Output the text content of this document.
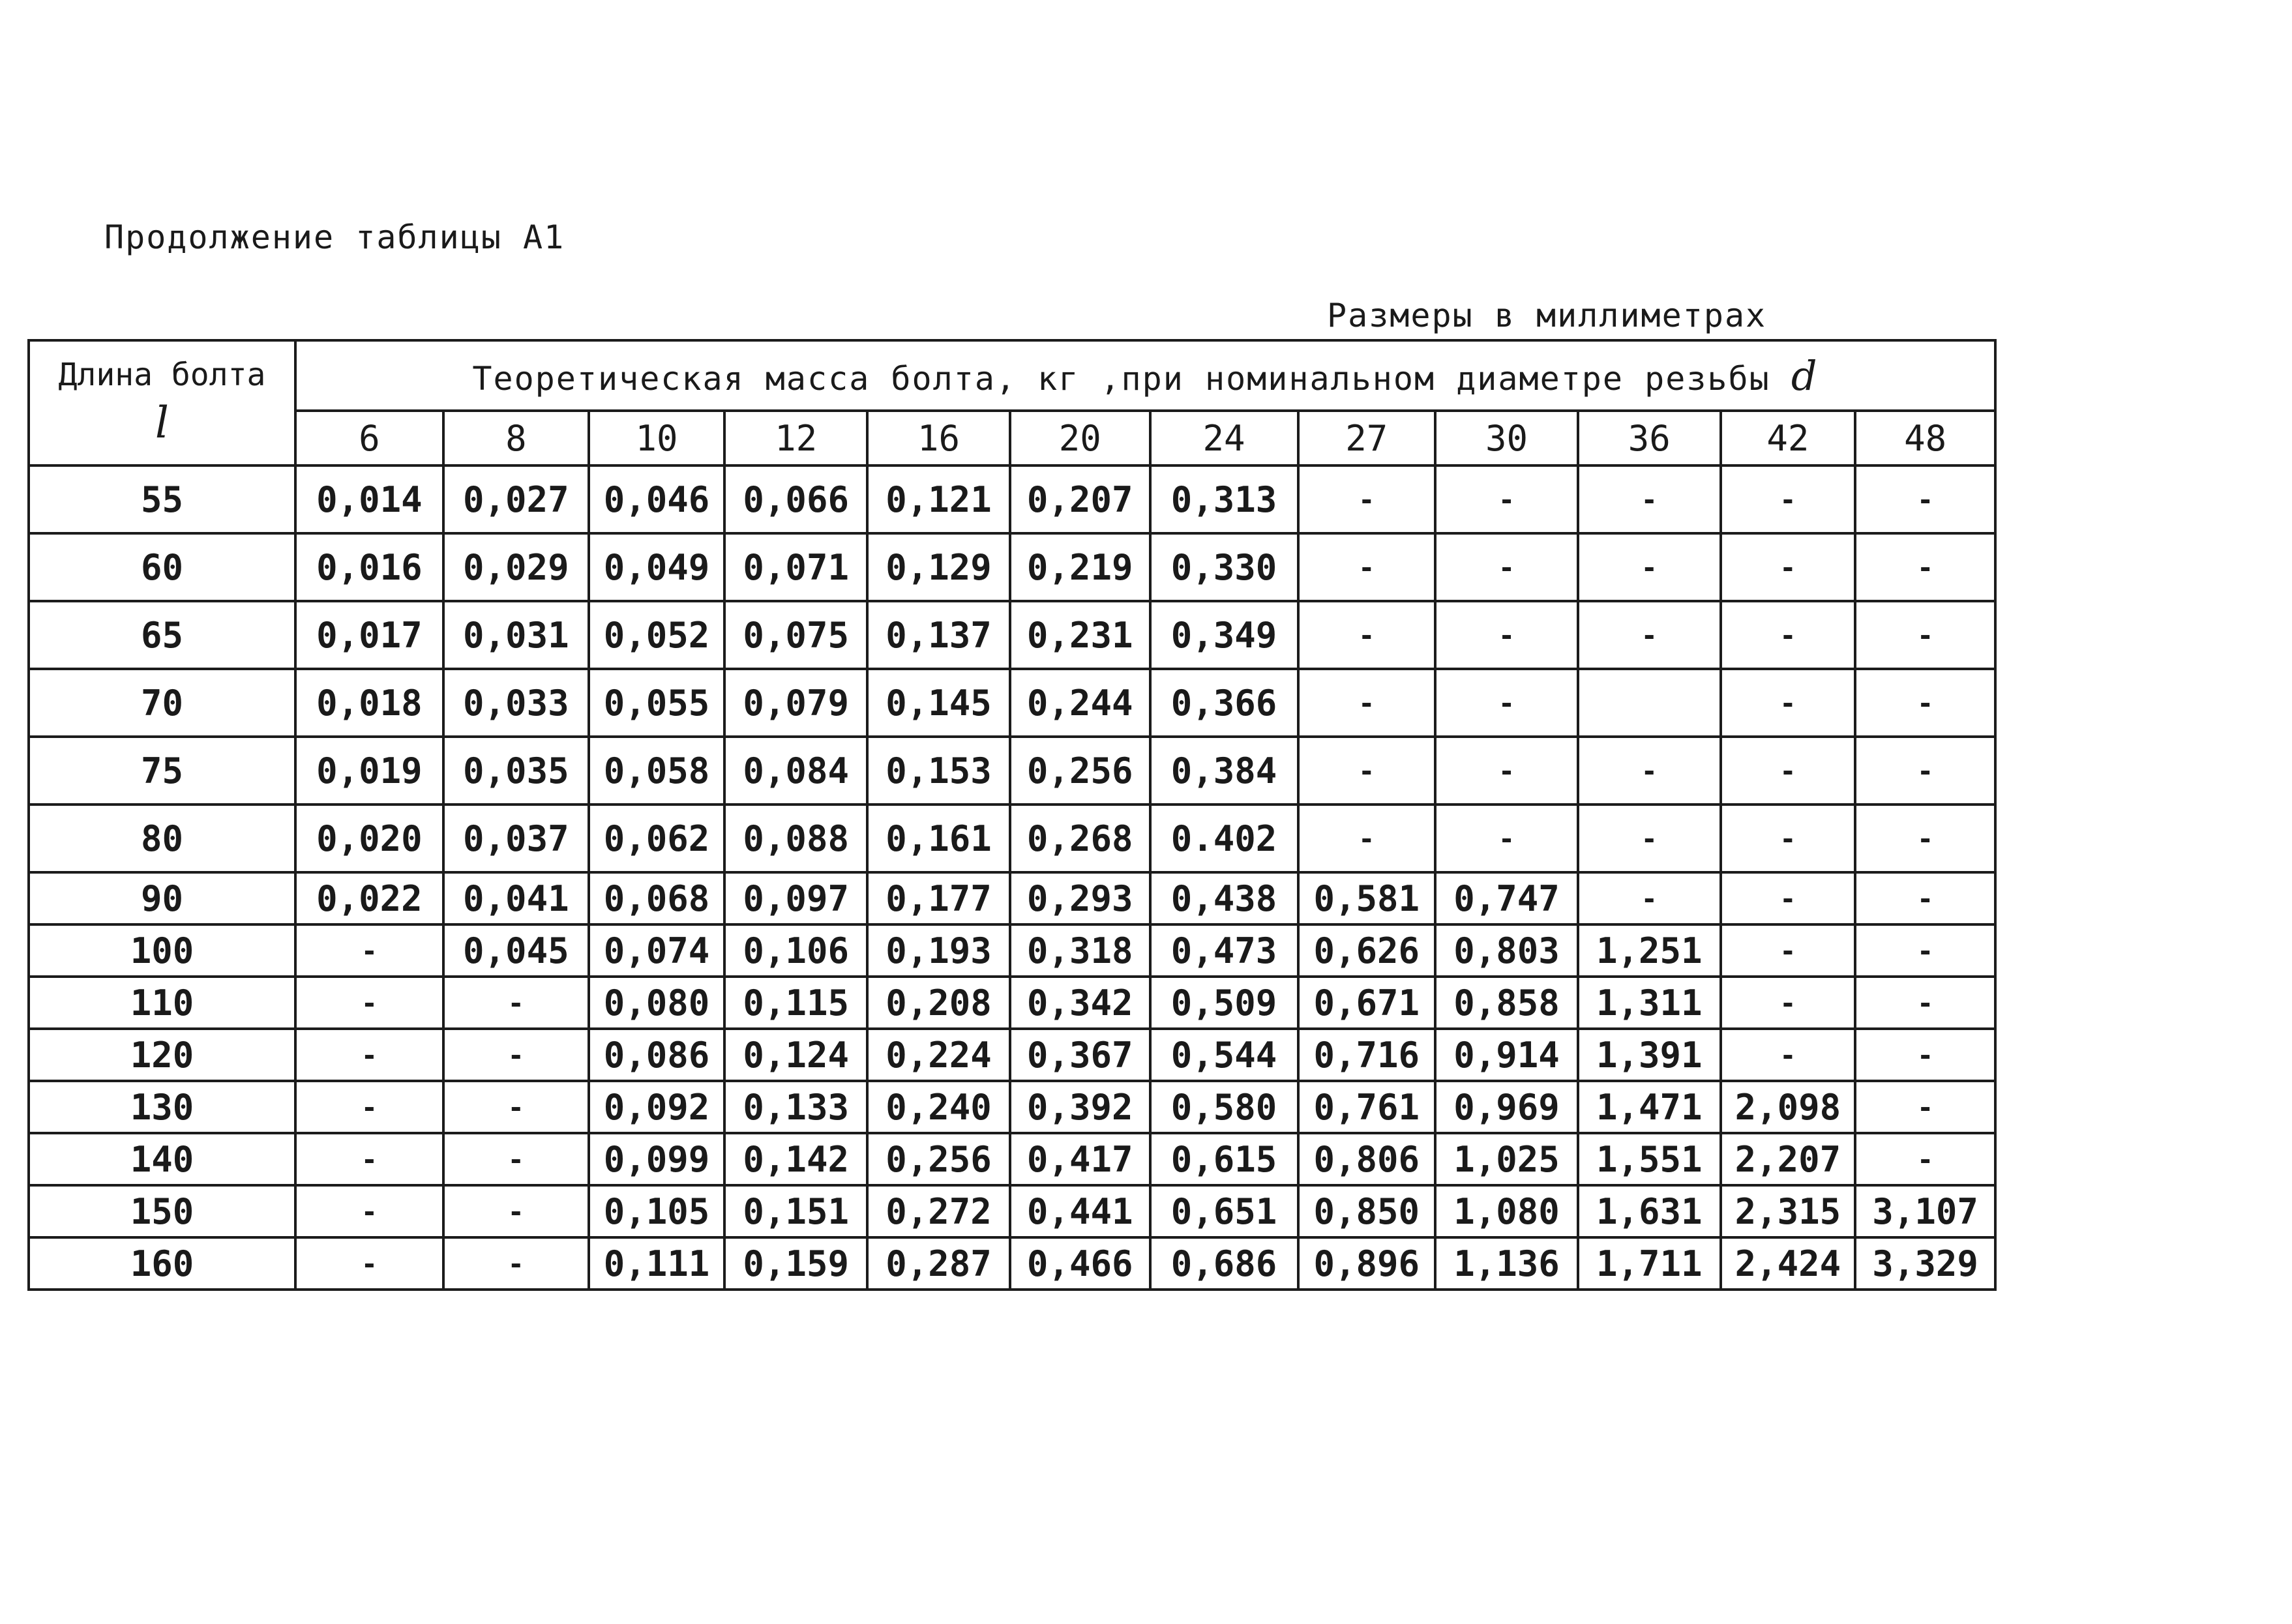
Продолжение таблицы А1
Размеры в миллиметрах
Длина болта
l	Теоретическая масса болта, кг ,при номинальном диаметре резьбы d											
	6	8	10	12	16	20	24	27	30	36	42	48
55	0,014	0,027	0,046	0,066	0,121	0,207	0,313	-	-	-	-	-
60	0,016	0,029	0,049	0,071	0,129	0,219	0,330	-	-	-	-	-
65	0,017	0,031	0,052	0,075	0,137	0,231	0,349	-	-	-	-	-
70	0,018	0,033	0,055	0,079	0,145	0,244	0,366	-	-		-	-
75	0,019	0,035	0,058	0,084	0,153	0,256	0,384	-	-	-	-	-
80	0,020	0,037	0,062	0,088	0,161	0,268	0.402	-	-	-	-	-
90	0,022	0,041	0,068	0,097	0,177	0,293	0,438	0,581	0,747	-	-	-
100	-	0,045	0,074	0,106	0,193	0,318	0,473	0,626	0,803	1,251	-	-
110	-	-	0,080	0,115	0,208	0,342	0,509	0,671	0,858	1,311	-	-
120	-	-	0,086	0,124	0,224	0,367	0,544	0,716	0,914	1,391	-	-
130	-	-	0,092	0,133	0,240	0,392	0,580	0,761	0,969	1,471	2,098	-
140	-	-	0,099	0,142	0,256	0,417	0,615	0,806	1,025	1,551	2,207	-
150	-	-	0,105	0,151	0,272	0,441	0,651	0,850	1,080	1,631	2,315	3,107
160	-	-	0,111	0,159	0,287	0,466	0,686	0,896	1,136	1,711	2,424	3,329
